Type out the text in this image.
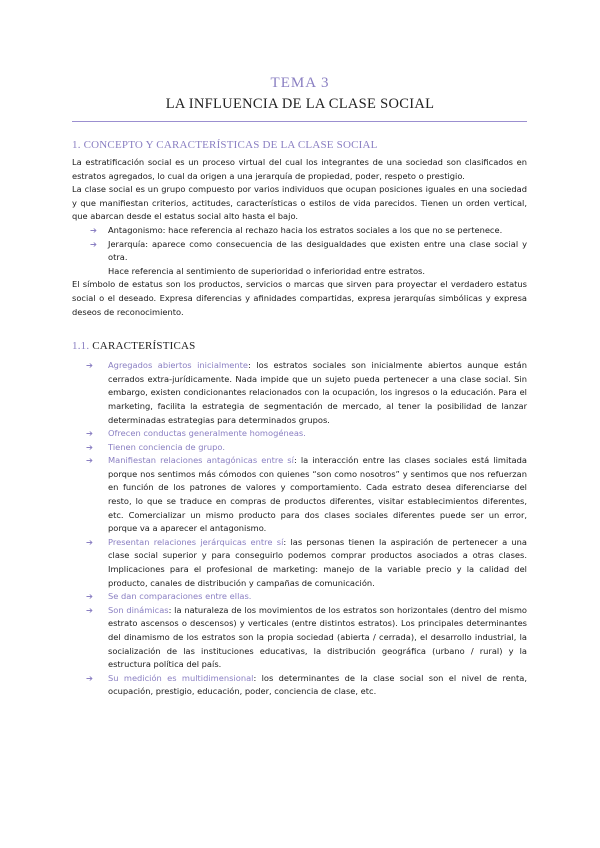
TEMA 3
LA INFLUENCIA DE LA CLASE SOCIAL
1. CONCEPTO Y CARACTERÍSTICAS DE LA CLASE SOCIAL

La estratificación social es un proceso virtual del cual los integrantes de una sociedad son clasificados en estratos agregados, lo cual da origen a una jerarquía de propiedad, poder, respeto o prestigio.

La clase social es un grupo compuesto por varios individuos que ocupan posiciones iguales en una sociedad y que manifiestan criterios, actitudes, características o estilos de vida parecidos. Tienen un orden vertical, que abarcan desde el estatus social alto hasta el bajo.

➔ Antagonismo: hace referencia al rechazo hacia los estratos sociales a los que no se pertenece.
➔ Jerarquía: aparece como consecuencia de las desigualdades que existen entre una clase social y otra.

Hace referencia al sentimiento de superioridad o inferioridad entre estratos.

El símbolo de estatus son los productos, servicios o marcas que sirven para proyectar el verdadero estatus social o el deseado. Expresa diferencias y afinidades compartidas, expresa jerarquías simbólicas y expresa deseos de reconocimiento.

1.1. CARACTERÍSTICAS
➔ Agregados abiertos inicialmente: los estratos sociales son inicialmente abiertos aunque están cerrados extra-jurídicamente. Nada impide que un sujeto pueda pertenecer a una clase social. Sin embargo, existen condicionantes relacionados con la ocupación, los ingresos o la educación. Para el marketing, facilita la estrategia de segmentación de mercado, al tener la posibilidad de lanzar determinadas estrategias para determinados grupos.
➔ Ofrecen conductas generalmente homogéneas.
➔ Tienen conciencia de grupo.
➔ Manifiestan relaciones antagónicas entre sí: la interacción entre las clases sociales está limitada porque nos sentimos más cómodos con quienes “son como nosotros” y sentimos que nos refuerzan en función de los patrones de valores y comportamiento. Cada estrato desea diferenciarse del resto, lo que se traduce en compras de productos diferentes, visitar establecimientos diferentes, etc. Comercializar un mismo producto para dos clases sociales diferentes puede ser un error, porque va a aparecer el antagonismo.
➔ Presentan relaciones jerárquicas entre sí: las personas tienen la aspiración de pertenecer a una clase social superior y para conseguirlo podemos comprar productos asociados a otras clases. Implicaciones para el profesional de marketing: manejo de la variable precio y la calidad del producto, canales de distribución y campañas de comunicación.
➔ Se dan comparaciones entre ellas.
➔ Son dinámicas: la naturaleza de los movimientos de los estratos son horizontales (dentro del mismo estrato ascensos o descensos) y verticales (entre distintos estratos). Los principales determinantes del dinamismo de los estratos son la propia sociedad (abierta / cerrada), el desarrollo industrial, la socialización de las instituciones educativas, la distribución geográfica (urbano / rural) y la estructura política del país.
➔ Su medición es multidimensional: los determinantes de la clase social son el nivel de renta, ocupación, prestigio, educación, poder, conciencia de clase, etc.
